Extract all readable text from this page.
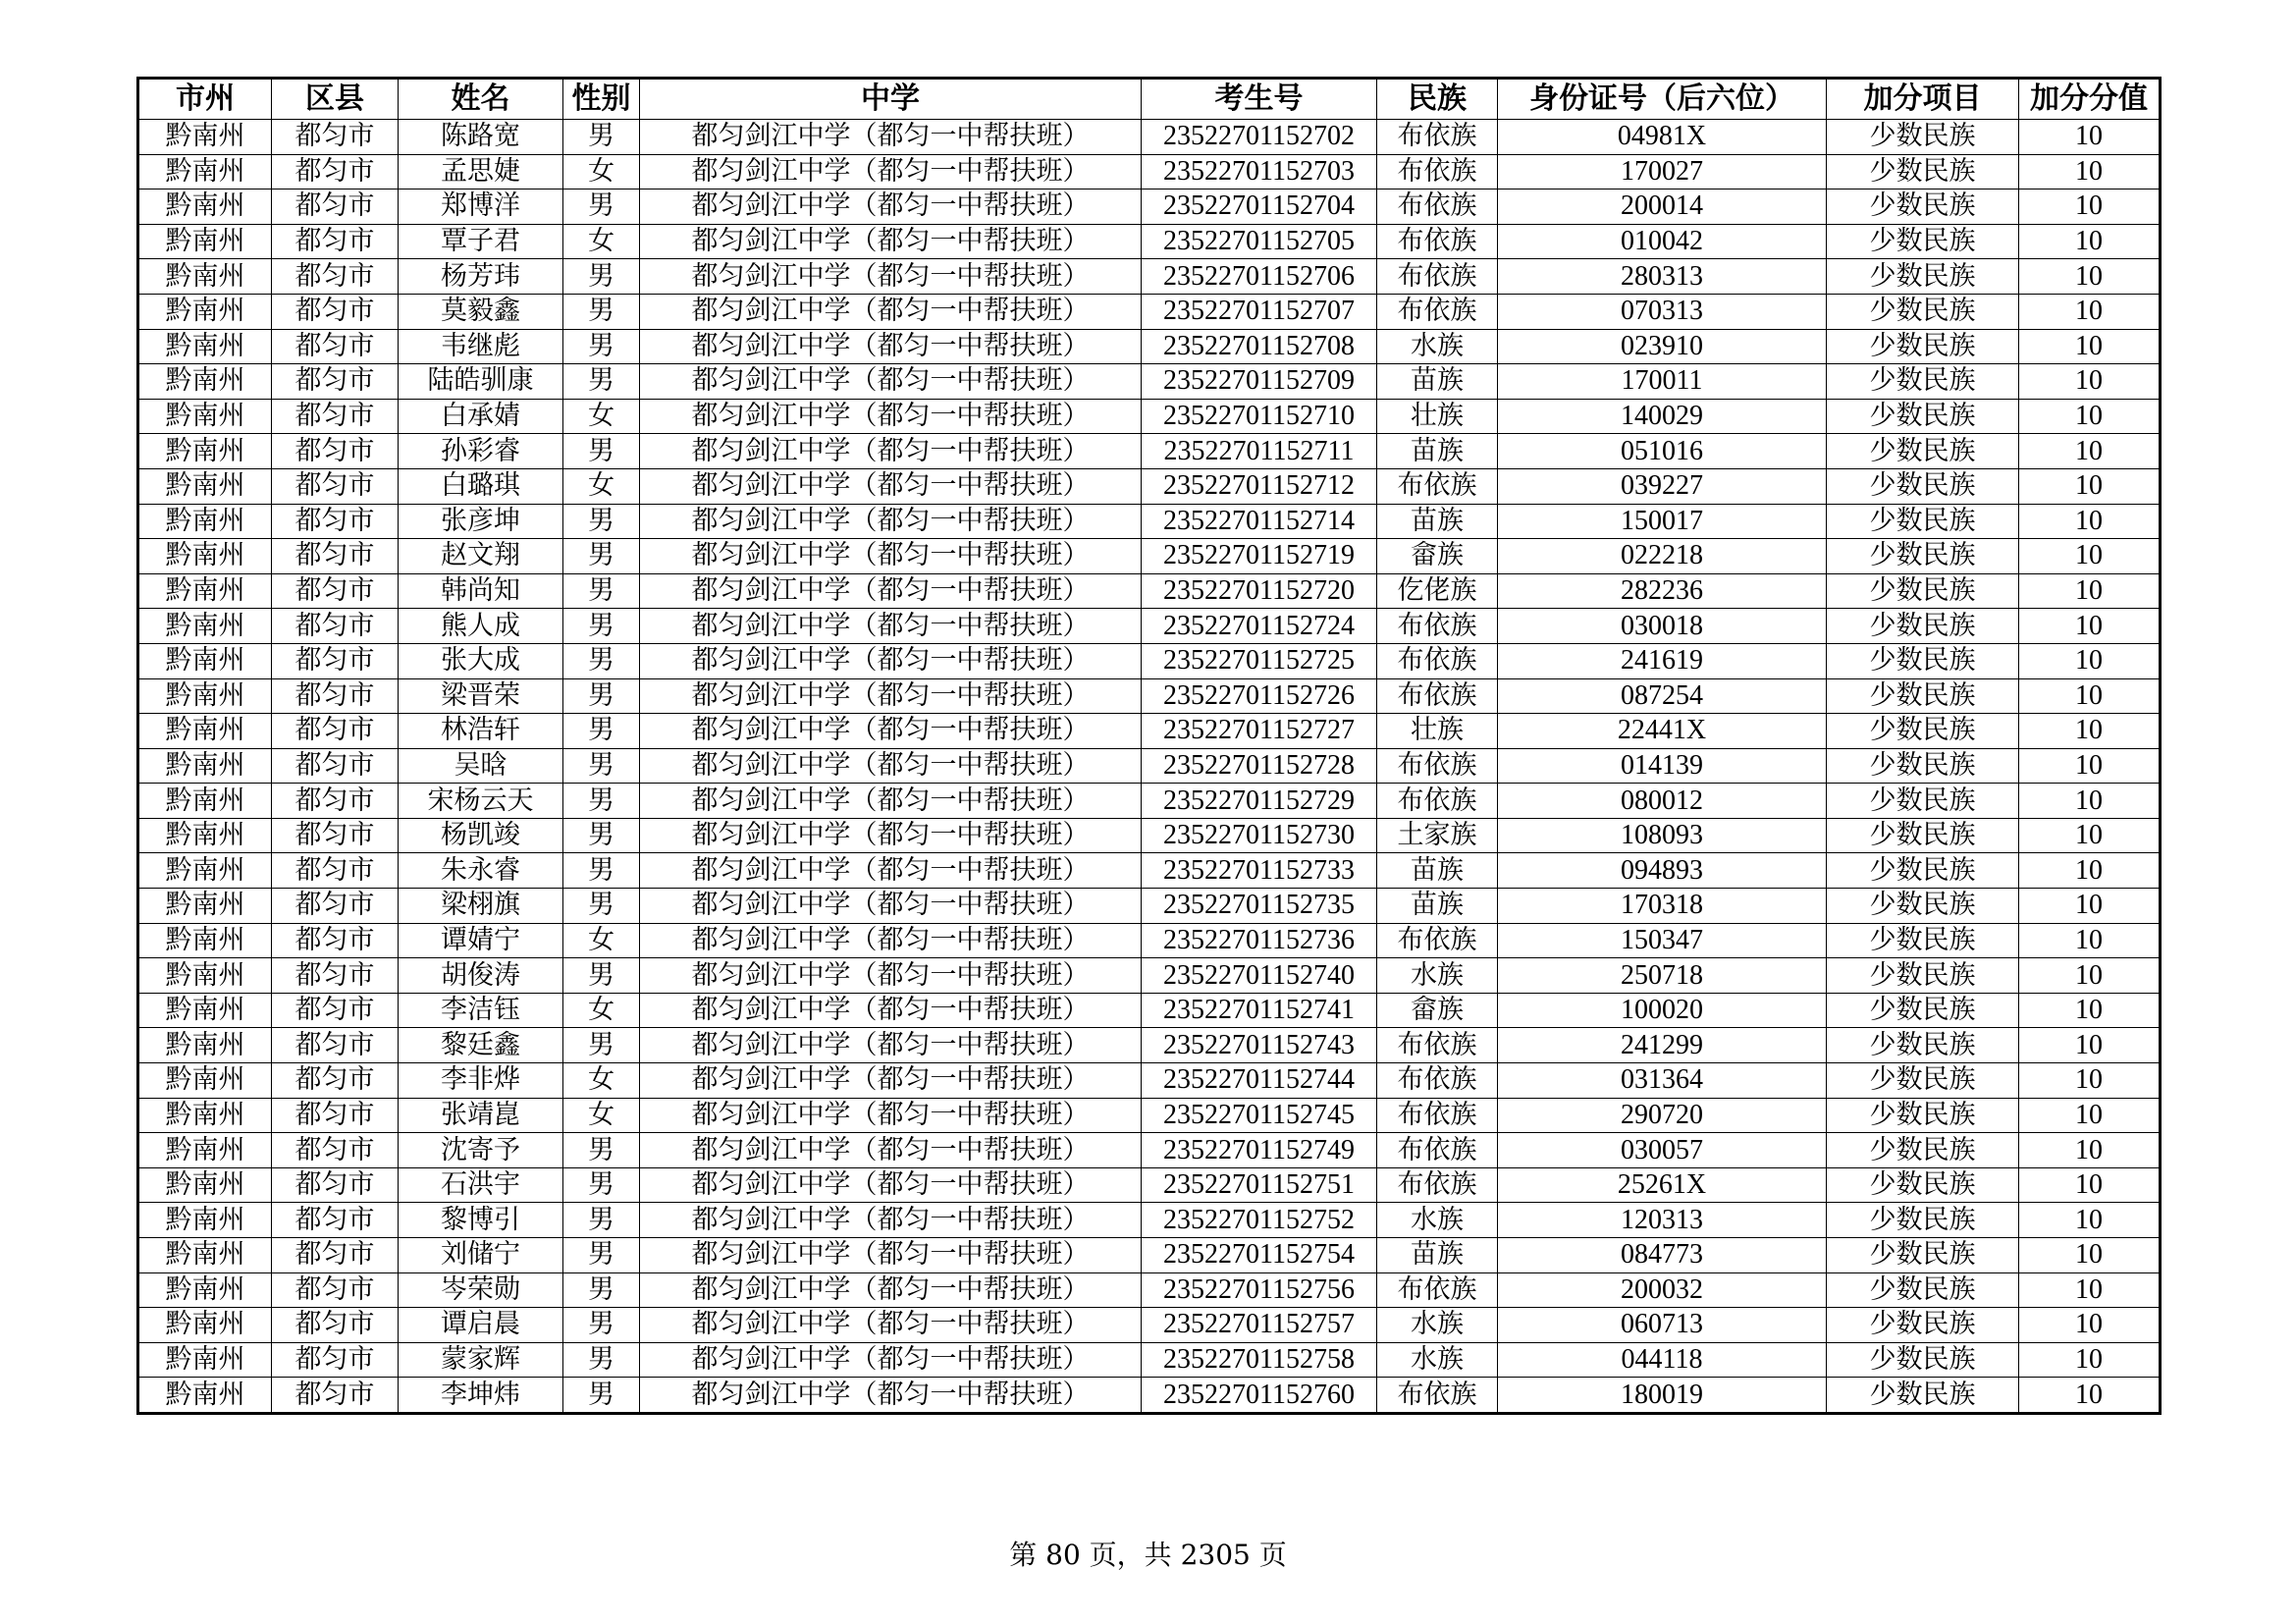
市州	区县	姓名	性别	中学	考生号	民族	身份证号（后六位）	加分项目	加分分值
黔南州	都匀市	陈路宽	男	都匀剑江中学（都匀一中帮扶班）	23522701152702	布依族	04981X	少数民族	10
黔南州	都匀市	孟思婕	女	都匀剑江中学（都匀一中帮扶班）	23522701152703	布依族	170027	少数民族	10
黔南州	都匀市	郑博洋	男	都匀剑江中学（都匀一中帮扶班）	23522701152704	布依族	200014	少数民族	10
黔南州	都匀市	覃子君	女	都匀剑江中学（都匀一中帮扶班）	23522701152705	布依族	010042	少数民族	10
黔南州	都匀市	杨芳玮	男	都匀剑江中学（都匀一中帮扶班）	23522701152706	布依族	280313	少数民族	10
黔南州	都匀市	莫毅鑫	男	都匀剑江中学（都匀一中帮扶班）	23522701152707	布依族	070313	少数民族	10
黔南州	都匀市	韦继彪	男	都匀剑江中学（都匀一中帮扶班）	23522701152708	水族	023910	少数民族	10
黔南州	都匀市	陆皓驯康	男	都匀剑江中学（都匀一中帮扶班）	23522701152709	苗族	170011	少数民族	10
黔南州	都匀市	白承婧	女	都匀剑江中学（都匀一中帮扶班）	23522701152710	壮族	140029	少数民族	10
黔南州	都匀市	孙彩睿	男	都匀剑江中学（都匀一中帮扶班）	23522701152711	苗族	051016	少数民族	10
黔南州	都匀市	白璐琪	女	都匀剑江中学（都匀一中帮扶班）	23522701152712	布依族	039227	少数民族	10
黔南州	都匀市	张彦坤	男	都匀剑江中学（都匀一中帮扶班）	23522701152714	苗族	150017	少数民族	10
黔南州	都匀市	赵文翔	男	都匀剑江中学（都匀一中帮扶班）	23522701152719	畲族	022218	少数民族	10
黔南州	都匀市	韩尚知	男	都匀剑江中学（都匀一中帮扶班）	23522701152720	仡佬族	282236	少数民族	10
黔南州	都匀市	熊人成	男	都匀剑江中学（都匀一中帮扶班）	23522701152724	布依族	030018	少数民族	10
黔南州	都匀市	张大成	男	都匀剑江中学（都匀一中帮扶班）	23522701152725	布依族	241619	少数民族	10
黔南州	都匀市	梁晋荣	男	都匀剑江中学（都匀一中帮扶班）	23522701152726	布依族	087254	少数民族	10
黔南州	都匀市	林浩轩	男	都匀剑江中学（都匀一中帮扶班）	23522701152727	壮族	22441X	少数民族	10
黔南州	都匀市	吴晗	男	都匀剑江中学（都匀一中帮扶班）	23522701152728	布依族	014139	少数民族	10
黔南州	都匀市	宋杨云天	男	都匀剑江中学（都匀一中帮扶班）	23522701152729	布依族	080012	少数民族	10
黔南州	都匀市	杨凯竣	男	都匀剑江中学（都匀一中帮扶班）	23522701152730	土家族	108093	少数民族	10
黔南州	都匀市	朱永睿	男	都匀剑江中学（都匀一中帮扶班）	23522701152733	苗族	094893	少数民族	10
黔南州	都匀市	梁栩旗	男	都匀剑江中学（都匀一中帮扶班）	23522701152735	苗族	170318	少数民族	10
黔南州	都匀市	谭婧宁	女	都匀剑江中学（都匀一中帮扶班）	23522701152736	布依族	150347	少数民族	10
黔南州	都匀市	胡俊涛	男	都匀剑江中学（都匀一中帮扶班）	23522701152740	水族	250718	少数民族	10
黔南州	都匀市	李洁钰	女	都匀剑江中学（都匀一中帮扶班）	23522701152741	畲族	100020	少数民族	10
黔南州	都匀市	黎廷鑫	男	都匀剑江中学（都匀一中帮扶班）	23522701152743	布依族	241299	少数民族	10
黔南州	都匀市	李非烨	女	都匀剑江中学（都匀一中帮扶班）	23522701152744	布依族	031364	少数民族	10
黔南州	都匀市	张靖崑	女	都匀剑江中学（都匀一中帮扶班）	23522701152745	布依族	290720	少数民族	10
黔南州	都匀市	沈寄予	男	都匀剑江中学（都匀一中帮扶班）	23522701152749	布依族	030057	少数民族	10
黔南州	都匀市	石洪宇	男	都匀剑江中学（都匀一中帮扶班）	23522701152751	布依族	25261X	少数民族	10
黔南州	都匀市	黎博引	男	都匀剑江中学（都匀一中帮扶班）	23522701152752	水族	120313	少数民族	10
黔南州	都匀市	刘储宁	男	都匀剑江中学（都匀一中帮扶班）	23522701152754	苗族	084773	少数民族	10
黔南州	都匀市	岑荣勋	男	都匀剑江中学（都匀一中帮扶班）	23522701152756	布依族	200032	少数民族	10
黔南州	都匀市	谭启晨	男	都匀剑江中学（都匀一中帮扶班）	23522701152757	水族	060713	少数民族	10
黔南州	都匀市	蒙家辉	男	都匀剑江中学（都匀一中帮扶班）	23522701152758	水族	044118	少数民族	10
黔南州	都匀市	李坤炜	男	都匀剑江中学（都匀一中帮扶班）	23522701152760	布依族	180019	少数民族	10
第 80 页，共 2305 页
